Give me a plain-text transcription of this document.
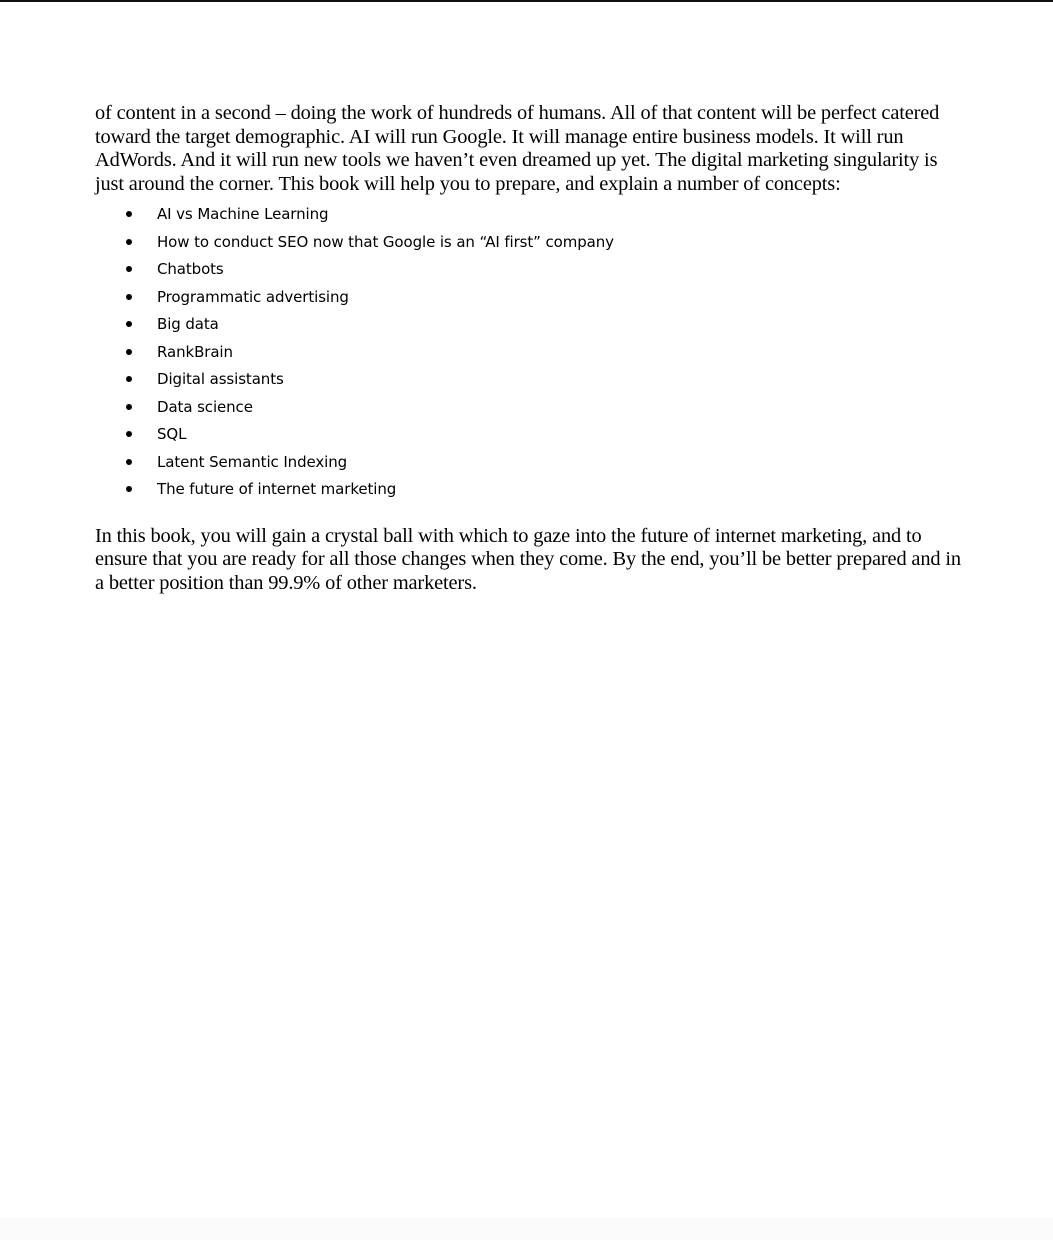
of content in a second – doing the work of hundreds of humans. All of that content will be perfect catered toward the target demographic. AI will run Google. It will manage entire business models. It will run AdWords. And it will run new tools we haven’t even dreamed up yet. The digital marketing singularity is just around the corner. This book will help you to prepare, and explain a number of concepts:

AI vs Machine Learning
How to conduct SEO now that Google is an “AI first” company
Chatbots
Programmatic advertising
Big data
RankBrain
Digital assistants
Data science
SQL
Latent Semantic Indexing
The future of internet marketing

In this book, you will gain a crystal ball with which to gaze into the future of internet marketing, and to ensure that you are ready for all those changes when they come. By the end, you’ll be better prepared and in a better position than 99.9% of other marketers.
